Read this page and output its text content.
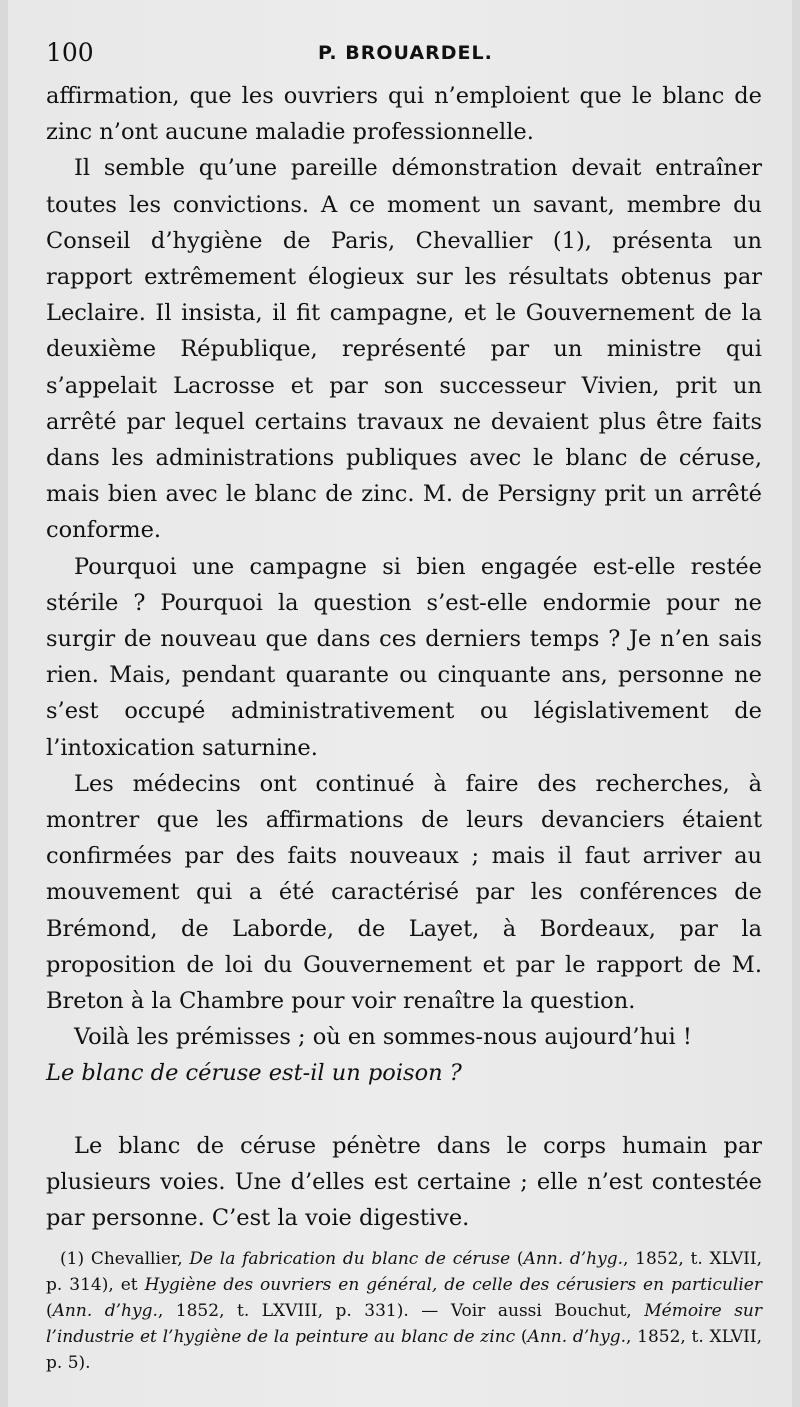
100	P. BROUARDEL.

affirmation, que les ouvriers qui n’emploient que le blanc de zinc n’ont aucune maladie professionnelle.

Il semble qu’une pareille démonstration devait entraîner toutes les convictions. A ce moment un savant, membre du Conseil d’hygiène de Paris, Chevallier (1), présenta un rapport extrêmement élogieux sur les résultats obtenus par Leclaire. Il insista, il fit campagne, et le Gouvernement de la deuxième République, représenté par un ministre qui s’appelait Lacrosse et par son successeur Vivien, prit un arrêté par lequel certains travaux ne devaient plus être faits dans les administrations publiques avec le blanc de céruse, mais bien avec le blanc de zinc. M. de Persigny prit un arrêté conforme.

Pourquoi une campagne si bien engagée est-elle restée stérile ? Pourquoi la question s’est-elle endormie pour ne surgir de nouveau que dans ces derniers temps ? Je n’en sais rien. Mais, pendant quarante ou cinquante ans, personne ne s’est occupé administrativement ou législativement de l’intoxication saturnine.

Les médecins ont continué à faire des recherches, à montrer que les affirmations de leurs devanciers étaient confirmées par des faits nouveaux ; mais il faut arriver au mouvement qui a été caractérisé par les conférences de Brémond, de Laborde, de Layet, à Bordeaux, par la proposition de loi du Gouvernement et par le rapport de M. Breton à la Chambre pour voir renaître la question.

Voilà les prémisses ; où en sommes-nous aujourd’hui !

Le blanc de céruse est-il un poison ?

Le blanc de céruse pénètre dans le corps humain par plusieurs voies. Une d’elles est certaine ; elle n’est contestée par personne. C’est la voie digestive.

(1) Chevallier, De la fabrication du blanc de céruse (Ann. d’hyg., 1852, t. XLVII, p. 314), et Hygiène des ouvriers en général, de celle des cérusiers en particulier (Ann. d’hyg., 1852, t. LXVIII, p. 331). — Voir aussi Bouchut, Mémoire sur l’industrie et l’hygiène de la peinture au blanc de zinc (Ann. d’hyg., 1852, t. XLVII, p. 5).
